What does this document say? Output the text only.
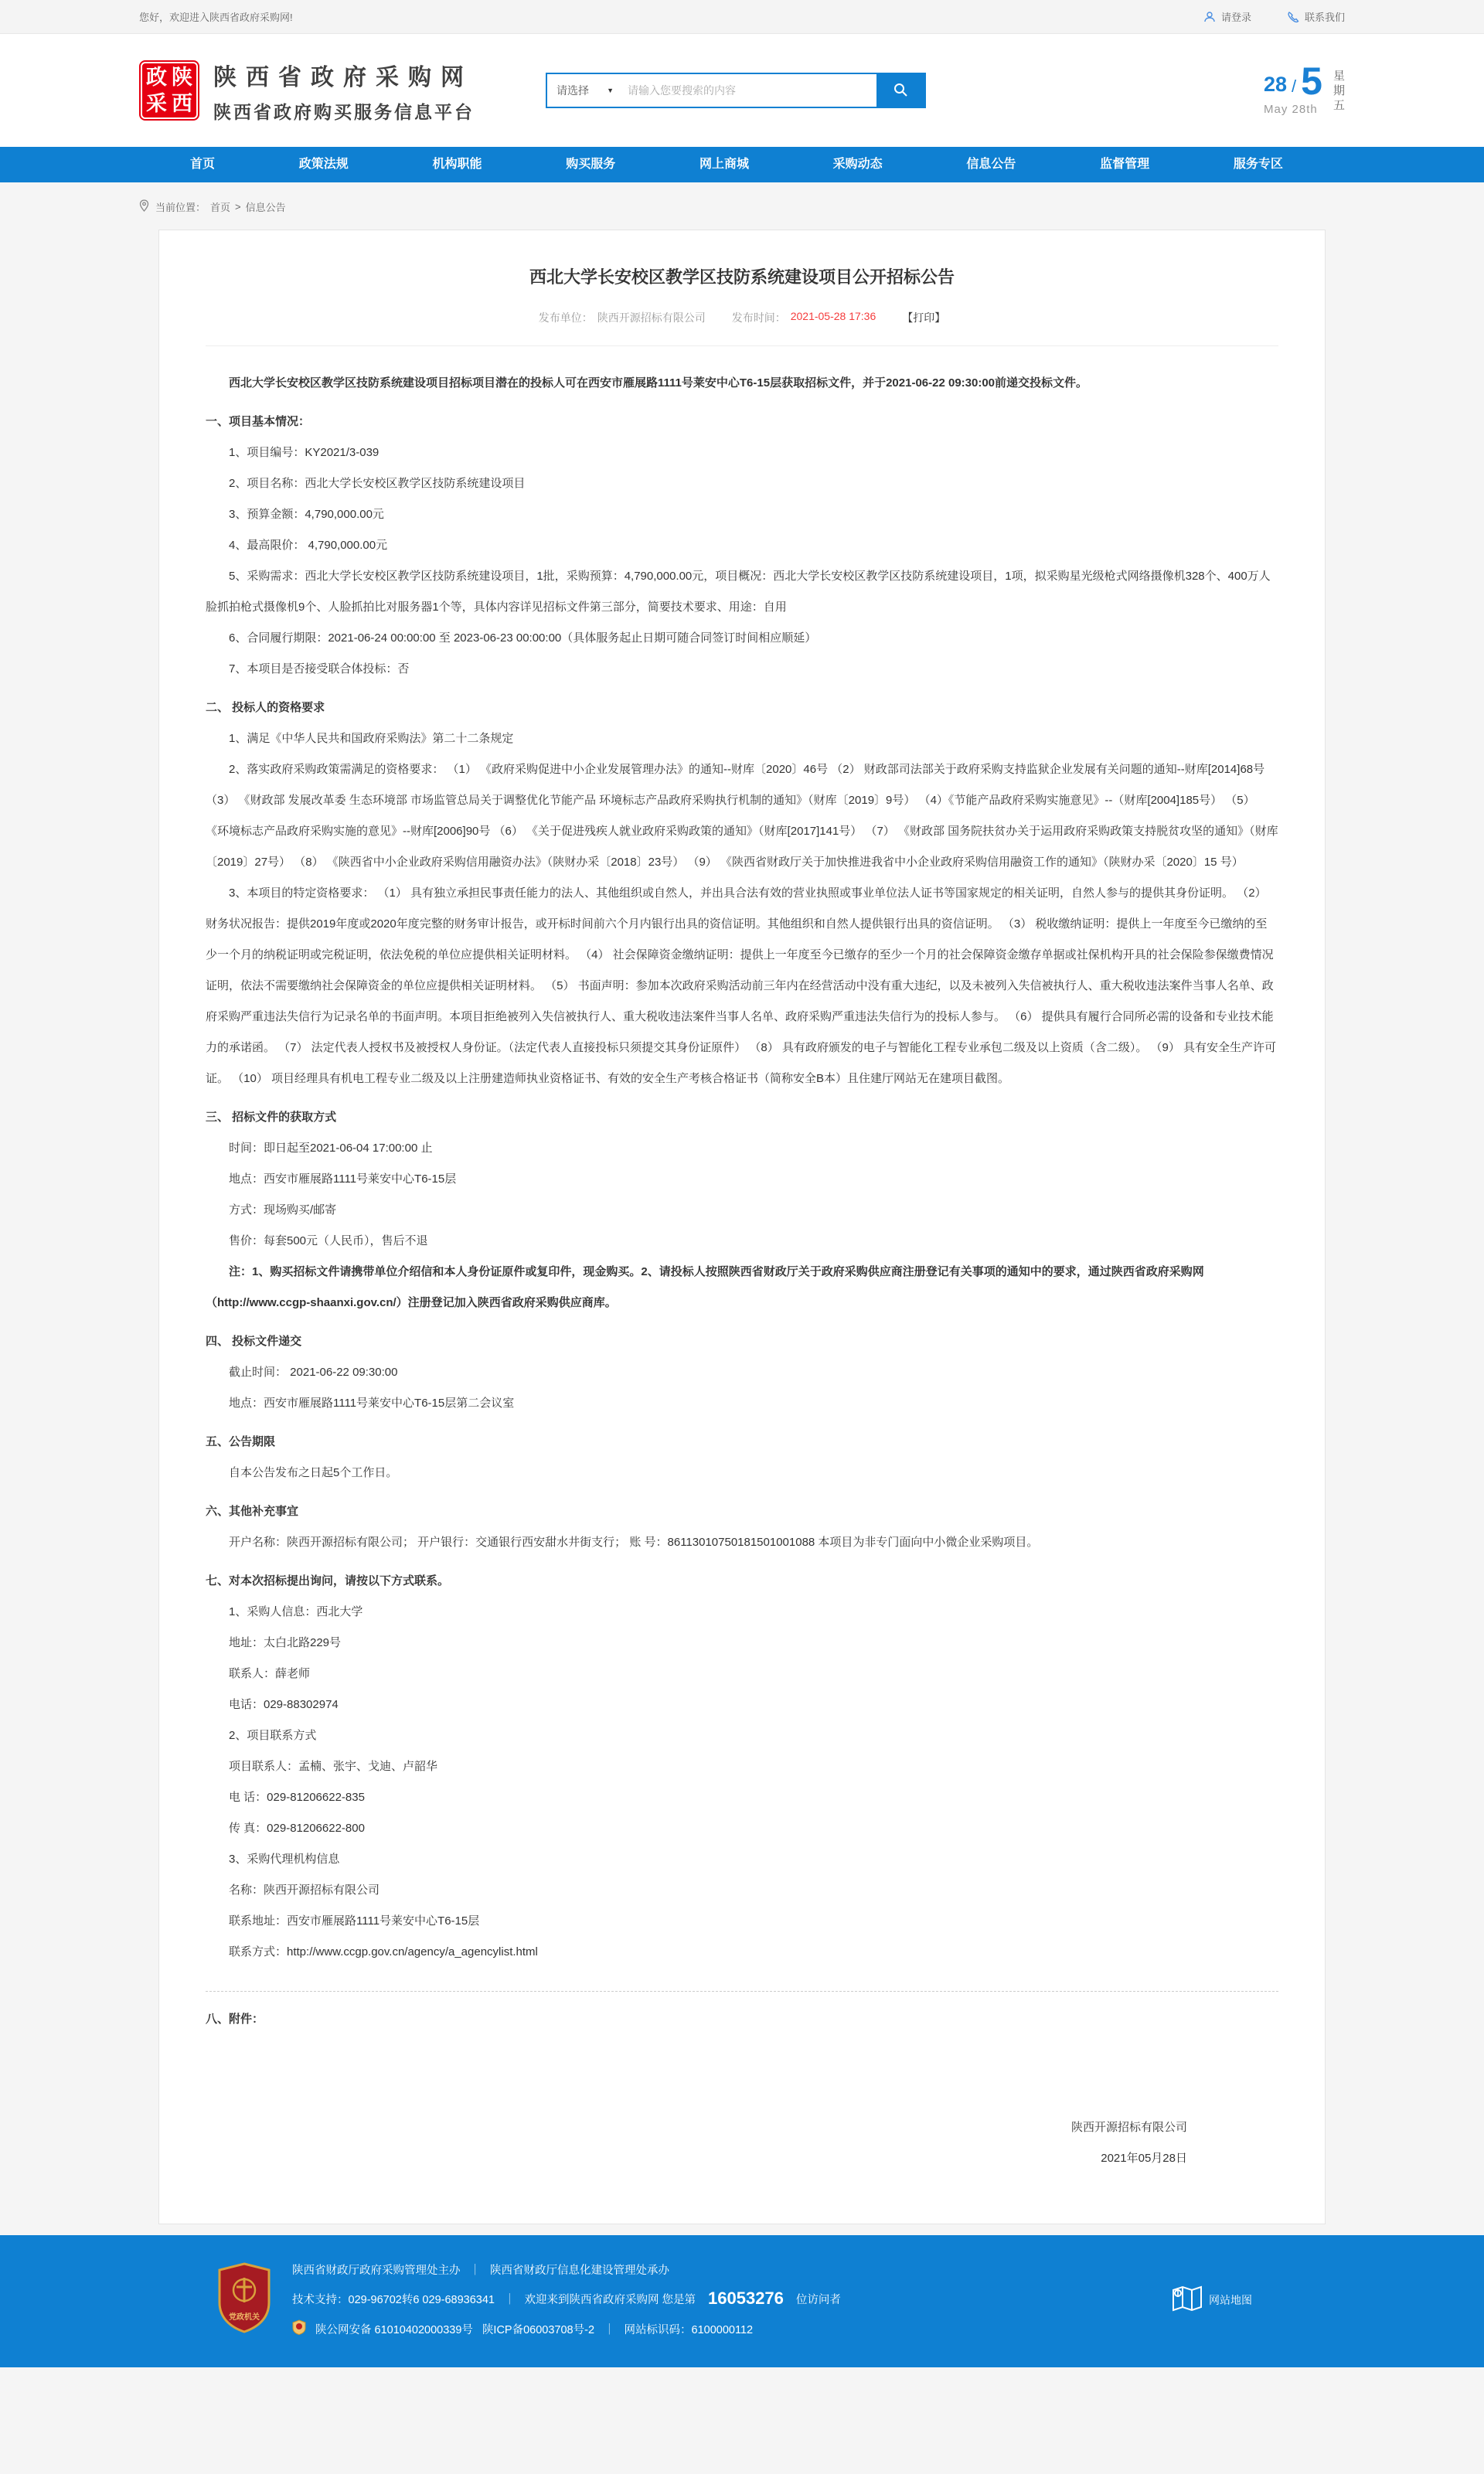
您好，欢迎进入陕西省政府采购网!	请登录	联系我们
政陕
采西
陕西省政府采购网
陕西省政府购买服务信息平台
请选择	▼
请输入您要搜索的内容	28 / 5
May 28th
星
期
五
首页	政策法规	机构职能	购买服务	网上商城	采购动态	信息公告	监督管理	服务专区
当前位置： 首页 > 信息公告
西北大学长安校区教学区技防系统建设项目公开招标公告
发布单位： 陕西开源招标有限公司 发布时间： 2021-05-28 17:36 【打印】

西北大学长安校区教学区技防系统建设项目招标项目潜在的投标人可在西安市雁展路1111号莱安中心T6-15层获取招标文件，并于2021-06-22 09:30:00前递交投标文件。

一、项目基本情况：

1、项目编号：KY2021/3-039

2、项目名称：西北大学长安校区教学区技防系统建设项目

3、预算金额：4,790,000.00元

4、最高限价： 4,790,000.00元

5、采购需求：西北大学长安校区教学区技防系统建设项目，1批，采购预算：4,790,000.00元，项目概况：西北大学长安校区教学区技防系统建设项目，1项，拟采购星光级枪式网络摄像机328个、400万人脸抓拍枪式摄像机9个、人脸抓拍比对服务器1个等，具体内容详见招标文件第三部分，简要技术要求、用途：自用

6、合同履行期限：2021-06-24 00:00:00 至 2023-06-23 00:00:00（具体服务起止日期可随合同签订时间相应顺延）

7、本项目是否接受联合体投标：否

二、 投标人的资格要求

1、满足《中华人民共和国政府采购法》第二十二条规定

2、落实政府采购政策需满足的资格要求： （1） 《政府采购促进中小企业发展管理办法》的通知--财库〔2020〕46号 （2） 财政部司法部关于政府采购支持监狱企业发展有关问题的通知--财库[2014]68号 （3） 《财政部 发展改革委 生态环境部 市场监管总局关于调整优化节能产品 环境标志产品政府采购执行机制的通知》（财库〔2019〕9号） （4）《节能产品政府采购实施意见》--（财库[2004]185号） （5） 《环境标志产品政府采购实施的意见》--财库[2006]90号 （6） 《关于促进残疾人就业政府采购政策的通知》（财库[2017]141号） （7） 《财政部 国务院扶贫办关于运用政府采购政策支持脱贫攻坚的通知》（财库〔2019〕27号） （8） 《陕西省中小企业政府采购信用融资办法》（陕财办采〔2018〕23号） （9） 《陕西省财政厅关于加快推进我省中小企业政府采购信用融资工作的通知》（陕财办采〔2020〕15 号）

3、本项目的特定资格要求： （1） 具有独立承担民事责任能力的法人、其他组织或自然人，并出具合法有效的营业执照或事业单位法人证书等国家规定的相关证明，自然人参与的提供其身份证明。 （2） 财务状况报告：提供2019年度或2020年度完整的财务审计报告，或开标时间前六个月内银行出具的资信证明。其他组织和自然人提供银行出具的资信证明。 （3） 税收缴纳证明：提供上一年度至今已缴纳的至少一个月的纳税证明或完税证明，依法免税的单位应提供相关证明材料。 （4） 社会保障资金缴纳证明：提供上一年度至今已缴存的至少一个月的社会保障资金缴存单据或社保机构开具的社会保险参保缴费情况证明，依法不需要缴纳社会保障资金的单位应提供相关证明材料。 （5） 书面声明：参加本次政府采购活动前三年内在经营活动中没有重大违纪，以及未被列入失信被执行人、重大税收违法案件当事人名单、政府采购严重违法失信行为记录名单的书面声明。本项目拒绝被列入失信被执行人、重大税收违法案件当事人名单、政府采购严重违法失信行为的投标人参与。 （6） 提供具有履行合同所必需的设备和专业技术能力的承诺函。 （7） 法定代表人授权书及被授权人身份证。（法定代表人直接投标只须提交其身份证原件） （8） 具有政府颁发的电子与智能化工程专业承包二级及以上资质（含二级）。 （9） 具有安全生产许可证。 （10） 项目经理具有机电工程专业二级及以上注册建造师执业资格证书、有效的安全生产考核合格证书（简称安全B本）且住建厅网站无在建项目截图。

三、 招标文件的获取方式

时间：即日起至2021-06-04 17:00:00 止

地点：西安市雁展路1111号莱安中心T6-15层

方式：现场购买/邮寄

售价：每套500元（人民币），售后不退

注：1、购买招标文件请携带单位介绍信和本人身份证原件或复印件，现金购买。2、请投标人按照陕西省财政厅关于政府采购供应商注册登记有关事项的通知中的要求，通过陕西省政府采购网（http://www.ccgp-shaanxi.gov.cn/）注册登记加入陕西省政府采购供应商库。

四、 投标文件递交

截止时间： 2021-06-22 09:30:00

地点：西安市雁展路1111号莱安中心T6-15层第二会议室

五、公告期限

自本公告发布之日起5个工作日。

六、其他补充事宜

开户名称：陕西开源招标有限公司； 开户银行：交通银行西安甜水井街支行； 账 号：86113010750181501001088 本项目为非专门面向中小微企业采购项目。

七、对本次招标提出询问，请按以下方式联系。

1、采购人信息：西北大学

地址：太白北路229号

联系人：薛老师

电话：029-88302974

2、项目联系方式

项目联系人：孟楠、张宇、戈迪、卢韶华

电 话：029-81206622-835

传 真：029-81206622-800

3、采购代理机构信息

名称：陕西开源招标有限公司

联系地址：西安市雁展路1111号莱安中心T6-15层

联系方式：http://www.ccgp.gov.cn/agency/a_agencylist.html

八、附件：

陕西开源招标有限公司
2021年05月28日
党政机关
陕西省财政厅政府采购管理处主办 ｜ 陕西省财政厅信息化建设管理处承办
技术支持：029-96702转6 029-68936341 ｜ 欢迎来到陕西省政府采购网 您是第 16053276 位访问者
陕公网安备 61010402000339号 陕ICP备06003708号-2 ｜ 网站标识码：6100000112
网站地图
